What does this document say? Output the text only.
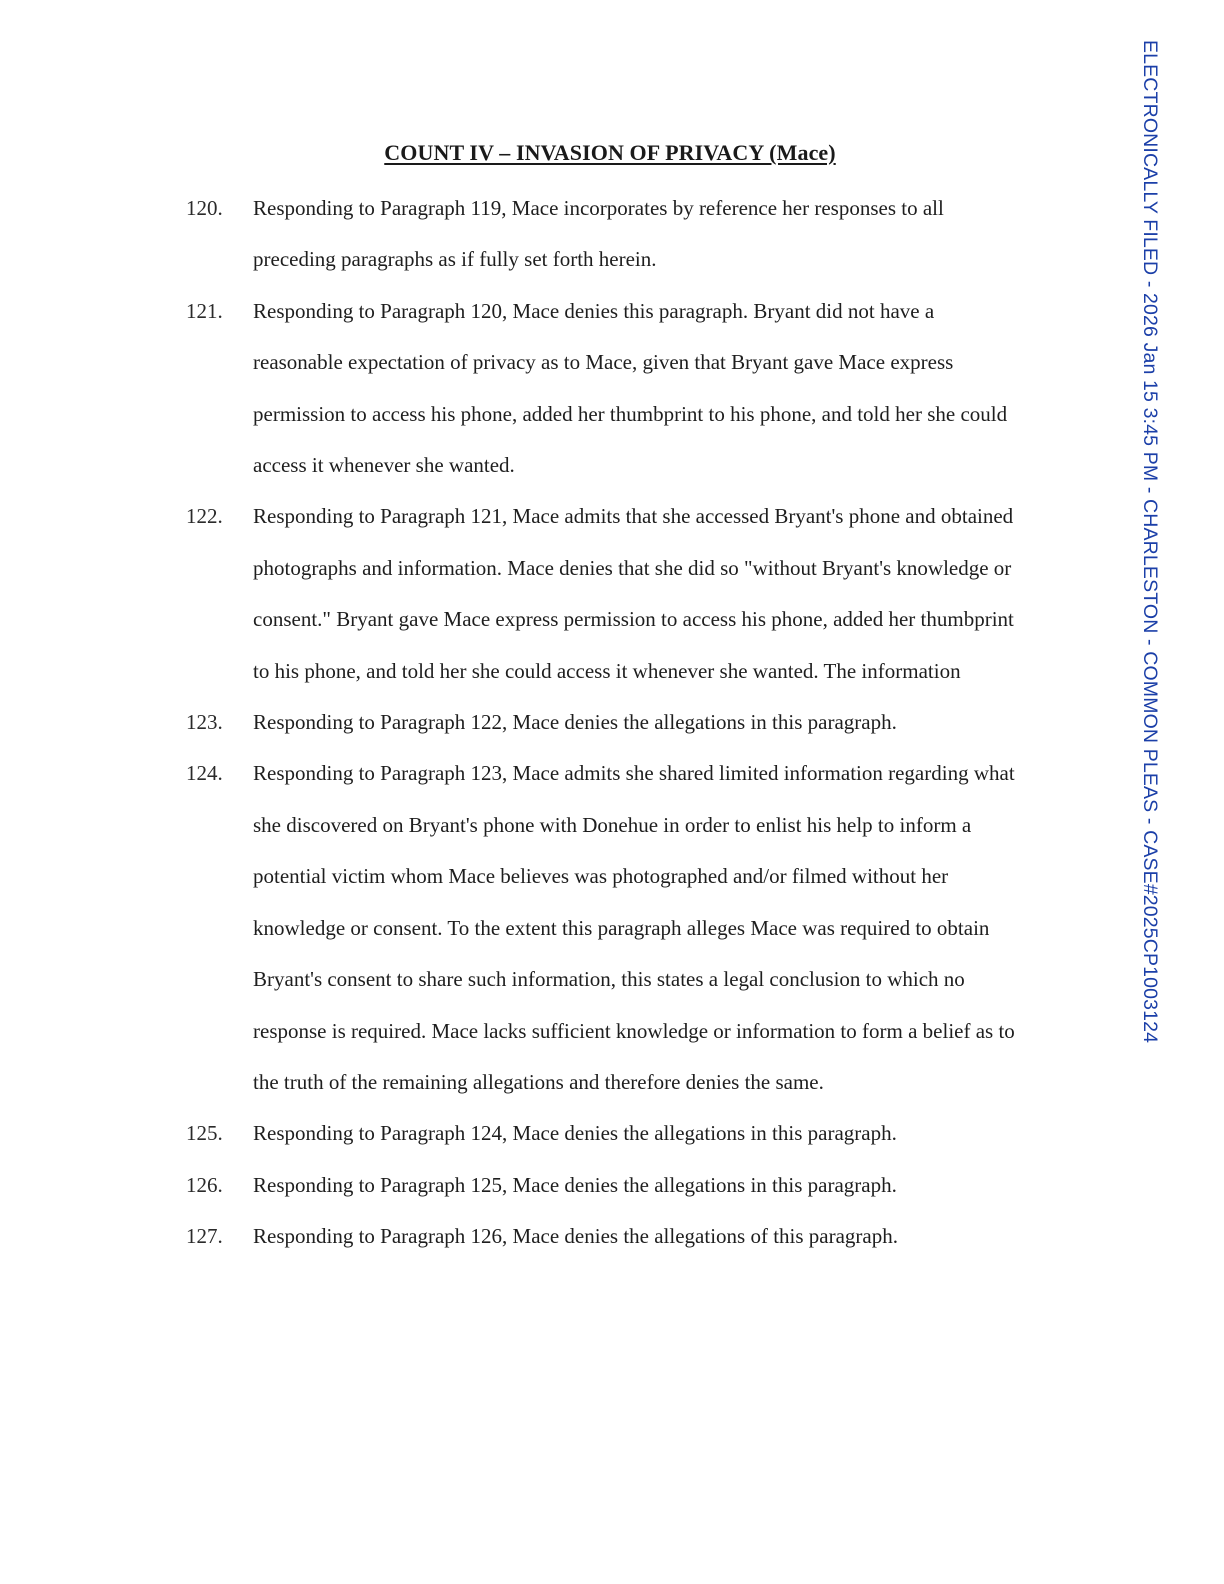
COUNT IV – INVASION OF PRIVACY (Mace)
120.	Responding to Paragraph 119, Mace incorporates by reference her responses to all preceding paragraphs as if fully set forth herein.
121.	Responding to Paragraph 120, Mace denies this paragraph. Bryant did not have a reasonable expectation of privacy as to Mace, given that Bryant gave Mace express permission to access his phone, added her thumbprint to his phone, and told her she could access it whenever she wanted.
122.	Responding to Paragraph 121, Mace admits that she accessed Bryant's phone and obtained photographs and information. Mace denies that she did so "without Bryant's knowledge or consent." Bryant gave Mace express permission to access his phone, added her thumbprint to his phone, and told her she could access it whenever she wanted. The information
123.	Responding to Paragraph 122, Mace denies the allegations in this paragraph.
124.	Responding to Paragraph 123, Mace admits she shared limited information regarding what she discovered on Bryant's phone with Donehue in order to enlist his help to inform a potential victim whom Mace believes was photographed and/or filmed without her knowledge or consent. To the extent this paragraph alleges Mace was required to obtain Bryant's consent to share such information, this states a legal conclusion to which no response is required. Mace lacks sufficient knowledge or information to form a belief as to the truth of the remaining allegations and therefore denies the same.
125.	Responding to Paragraph 124, Mace denies the allegations in this paragraph.
126.	Responding to Paragraph 125, Mace denies the allegations in this paragraph.
127.	Responding to Paragraph 126, Mace denies the allegations of this paragraph.
ELECTRONICALLY FILED - 2026 Jan 15 3:45 PM - CHARLESTON - COMMON PLEAS - CASE#2025CP1003124
